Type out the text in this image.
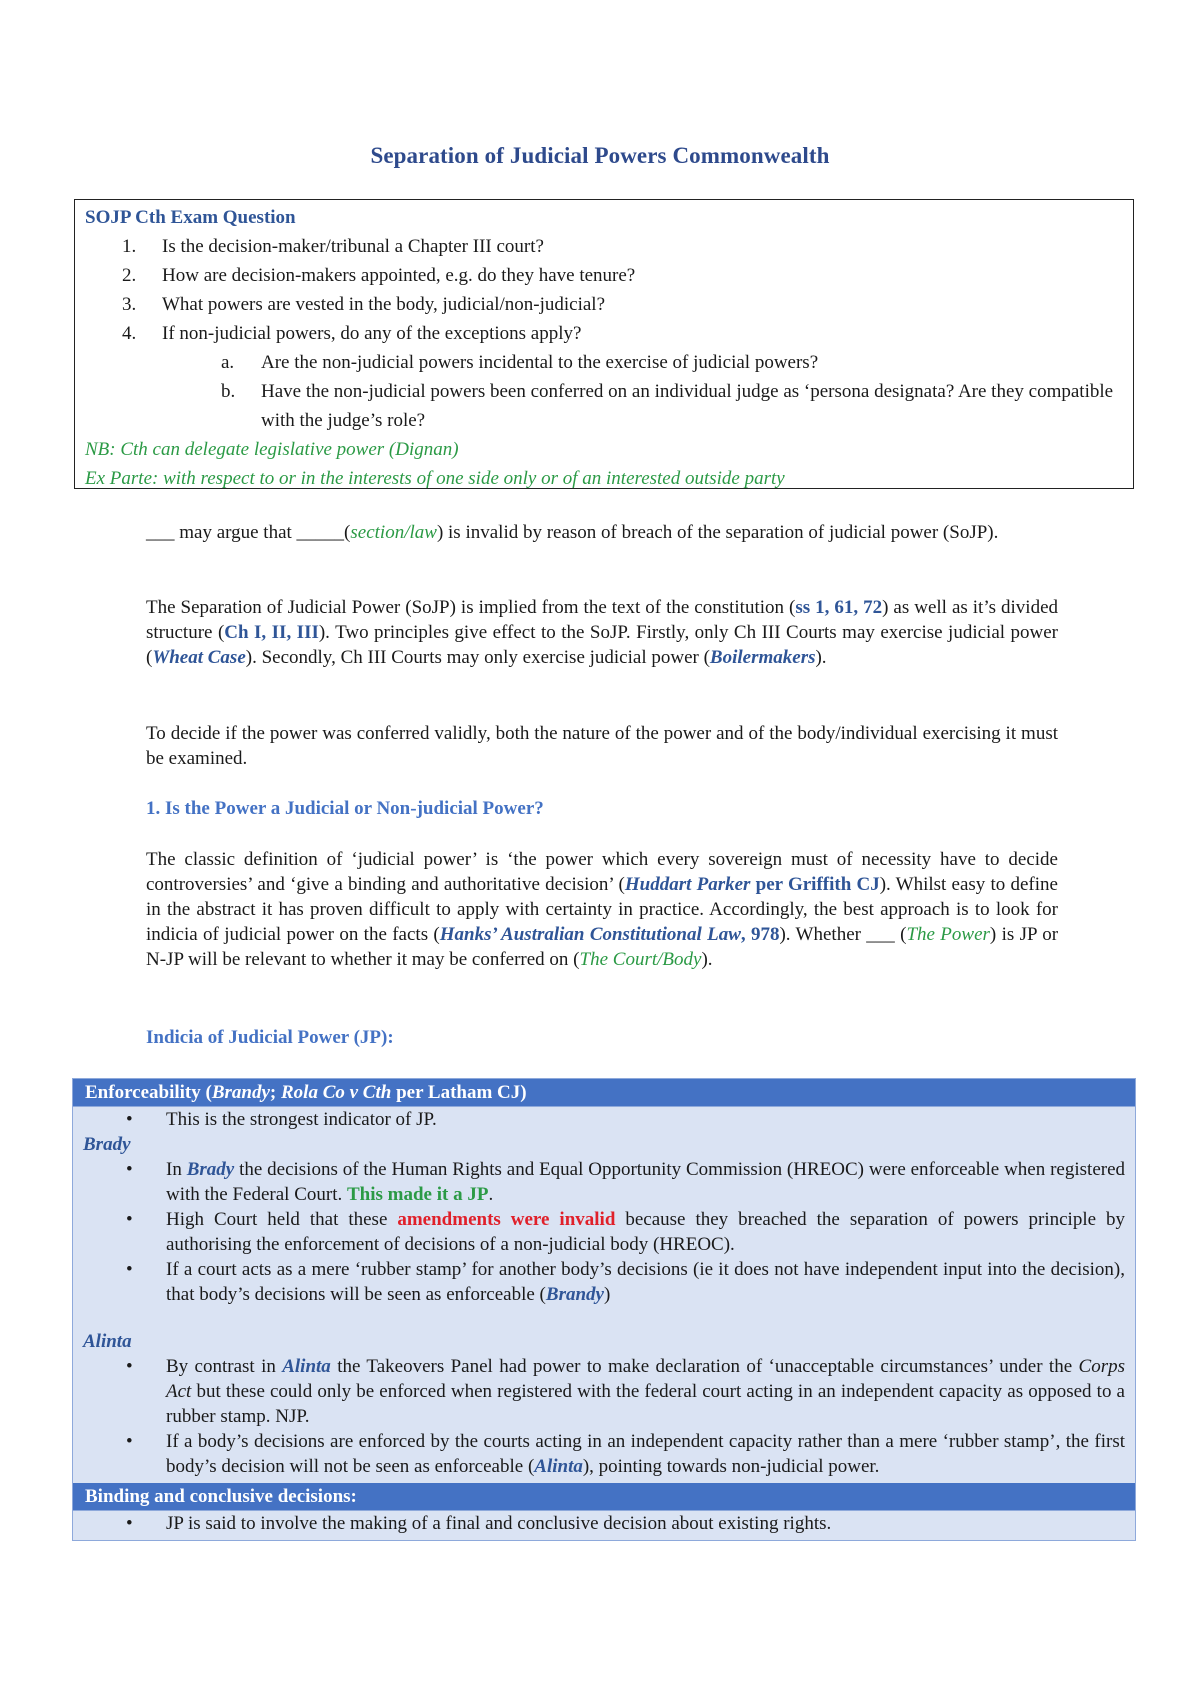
Separation of Judicial Powers Commonwealth
SOJP Cth Exam Question
1. Is the decision-maker/tribunal a Chapter III court?
2. How are decision-makers appointed, e.g. do they have tenure?
3. What powers are vested in the body, judicial/non-judicial?
4. If non-judicial powers, do any of the exceptions apply?
a. Are the non-judicial powers incidental to the exercise of judicial powers?
b. Have the non-judicial powers been conferred on an individual judge as ‘persona designata? Are they compatible with the judge’s role?
NB: Cth can delegate legislative power (Dignan)
Ex Parte: with respect to or in the interests of one side only or of an interested outside party
___ may argue that _____(section/law) is invalid by reason of breach of the separation of judicial power (SoJP).
The Separation of Judicial Power (SoJP) is implied from the text of the constitution (ss 1, 61, 72) as well as it’s divided structure (Ch I, II, III). Two principles give effect to the SoJP. Firstly, only Ch III Courts may exercise judicial power (Wheat Case). Secondly, Ch III Courts may only exercise judicial power (Boilermakers).
To decide if the power was conferred validly, both the nature of the power and of the body/individual exercising it must be examined.
1. Is the Power a Judicial or Non-judicial Power?
The classic definition of ‘judicial power’ is ‘the power which every sovereign must of necessity have to decide controversies’ and ‘give a binding and authoritative decision’ (Huddart Parker per Griffith CJ). Whilst easy to define in the abstract it has proven difficult to apply with certainty in practice. Accordingly, the best approach is to look for indicia of judicial power on the facts (Hanks’ Australian Constitutional Law, 978). Whether ___ (The Power) is JP or N-JP will be relevant to whether it may be conferred on (The Court/Body).
Indicia of Judicial Power (JP):
Enforceability (Brandy; Rola Co v Cth per Latham CJ)
• This is the strongest indicator of JP.
Brady
• In Brady the decisions of the Human Rights and Equal Opportunity Commission (HREOC) were enforceable when registered with the Federal Court. This made it a JP.
• High Court held that these amendments were invalid because they breached the separation of powers principle by authorising the enforcement of decisions of a non-judicial body (HREOC).
• If a court acts as a mere ‘rubber stamp’ for another body’s decisions (ie it does not have independent input into the decision), that body’s decisions will be seen as enforceable (Brandy)
Alinta
• By contrast in Alinta the Takeovers Panel had power to make declaration of ‘unacceptable circumstances’ under the Corps Act but these could only be enforced when registered with the federal court acting in an independent capacity as opposed to a rubber stamp. NJP.
• If a body’s decisions are enforced by the courts acting in an independent capacity rather than a mere ‘rubber stamp’, the first body’s decision will not be seen as enforceable (Alinta), pointing towards non-judicial power.
Binding and conclusive decisions:
• JP is said to involve the making of a final and conclusive decision about existing rights.
